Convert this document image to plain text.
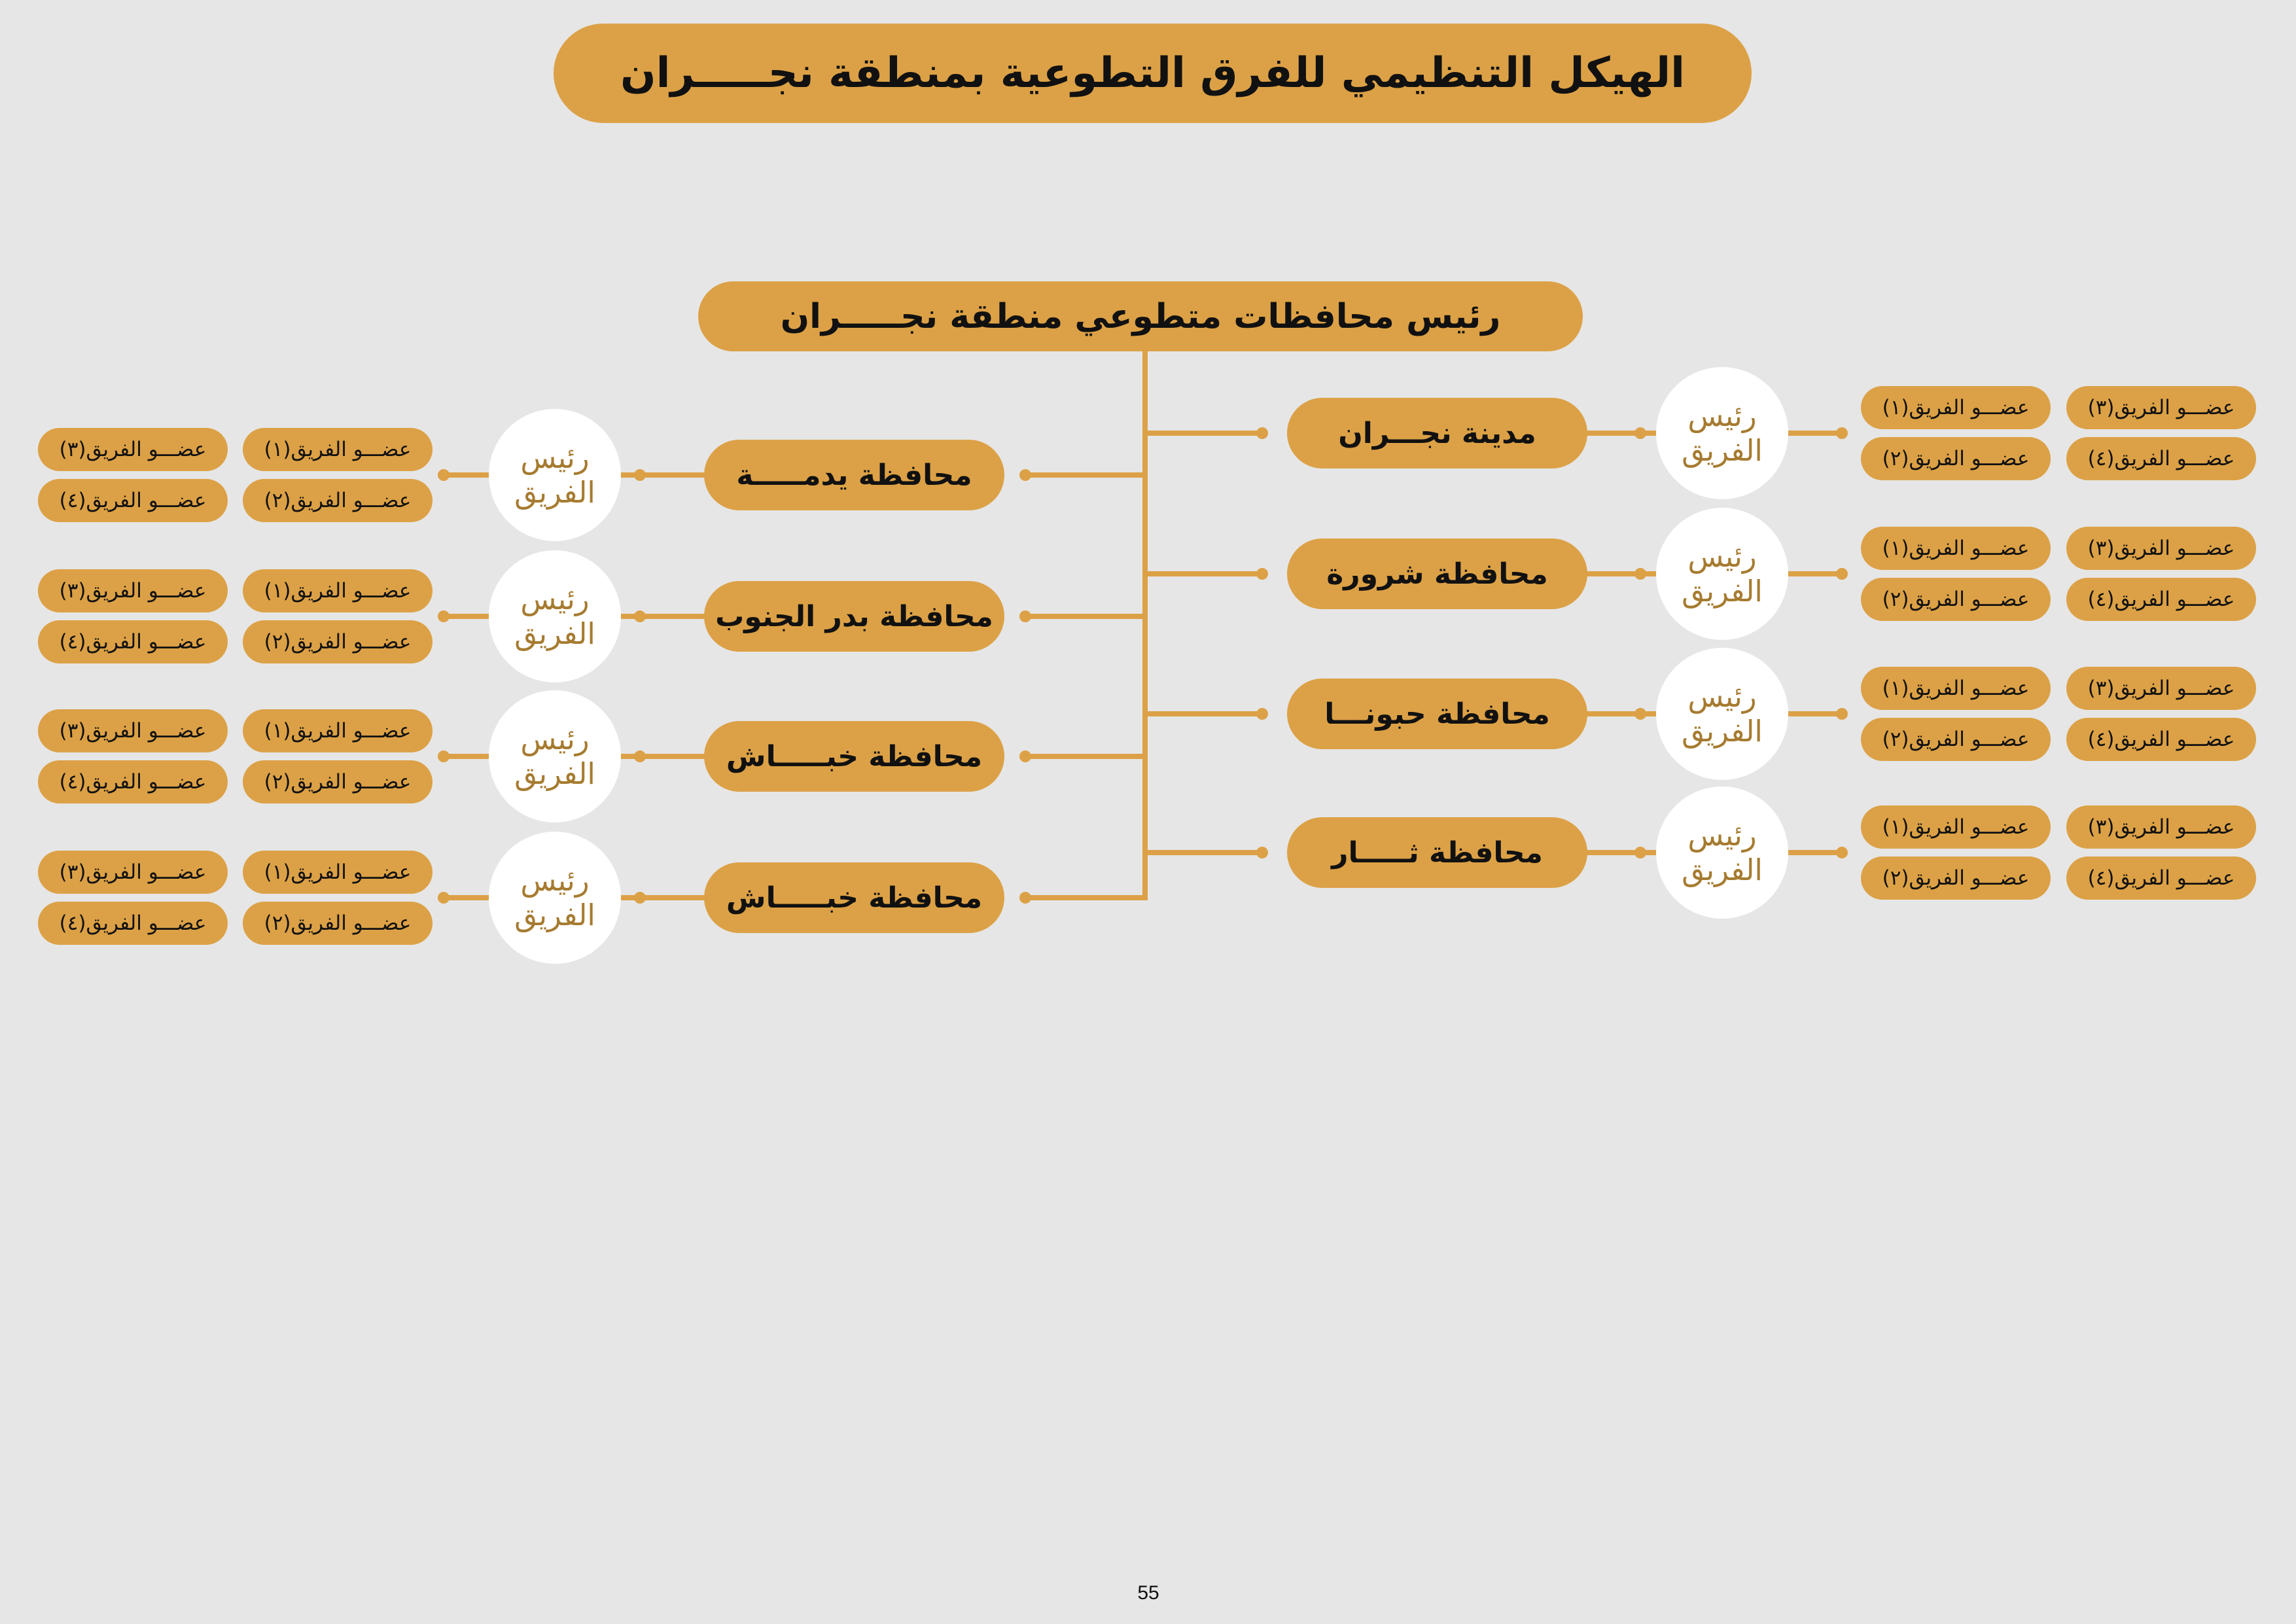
الهيكل التنظيمي للفرق التطوعية بمنطقة نجـــــران
رئيس محافظات متطوعي منطقة نجـــــران
مدينة نجـــران
رئيس
الفريق
عضـــو الفريق(١)
عضـــو الفريق(٢)
عضـــو الفريق(٣)
عضـــو الفريق(٤)
محافظة شرورة
رئيس
الفريق
عضـــو الفريق(١)
عضـــو الفريق(٢)
عضـــو الفريق(٣)
عضـــو الفريق(٤)
محافظة حبونـــا
رئيس
الفريق
عضـــو الفريق(١)
عضـــو الفريق(٢)
عضـــو الفريق(٣)
عضـــو الفريق(٤)
محافظة ثـــــار
رئيس
الفريق
عضـــو الفريق(١)
عضـــو الفريق(٢)
عضـــو الفريق(٣)
عضـــو الفريق(٤)
محافظة يدمـــــة
رئيس
الفريق
عضـــو الفريق(١)
عضـــو الفريق(٢)
عضـــو الفريق(٣)
عضـــو الفريق(٤)
محافظة بدر الجنوب
رئيس
الفريق
عضـــو الفريق(١)
عضـــو الفريق(٢)
عضـــو الفريق(٣)
عضـــو الفريق(٤)
محافظة خبـــــاش
رئيس
الفريق
عضـــو الفريق(١)
عضـــو الفريق(٢)
عضـــو الفريق(٣)
عضـــو الفريق(٤)
محافظة خبـــــاش
رئيس
الفريق
عضـــو الفريق(١)
عضـــو الفريق(٢)
عضـــو الفريق(٣)
عضـــو الفريق(٤)
55
